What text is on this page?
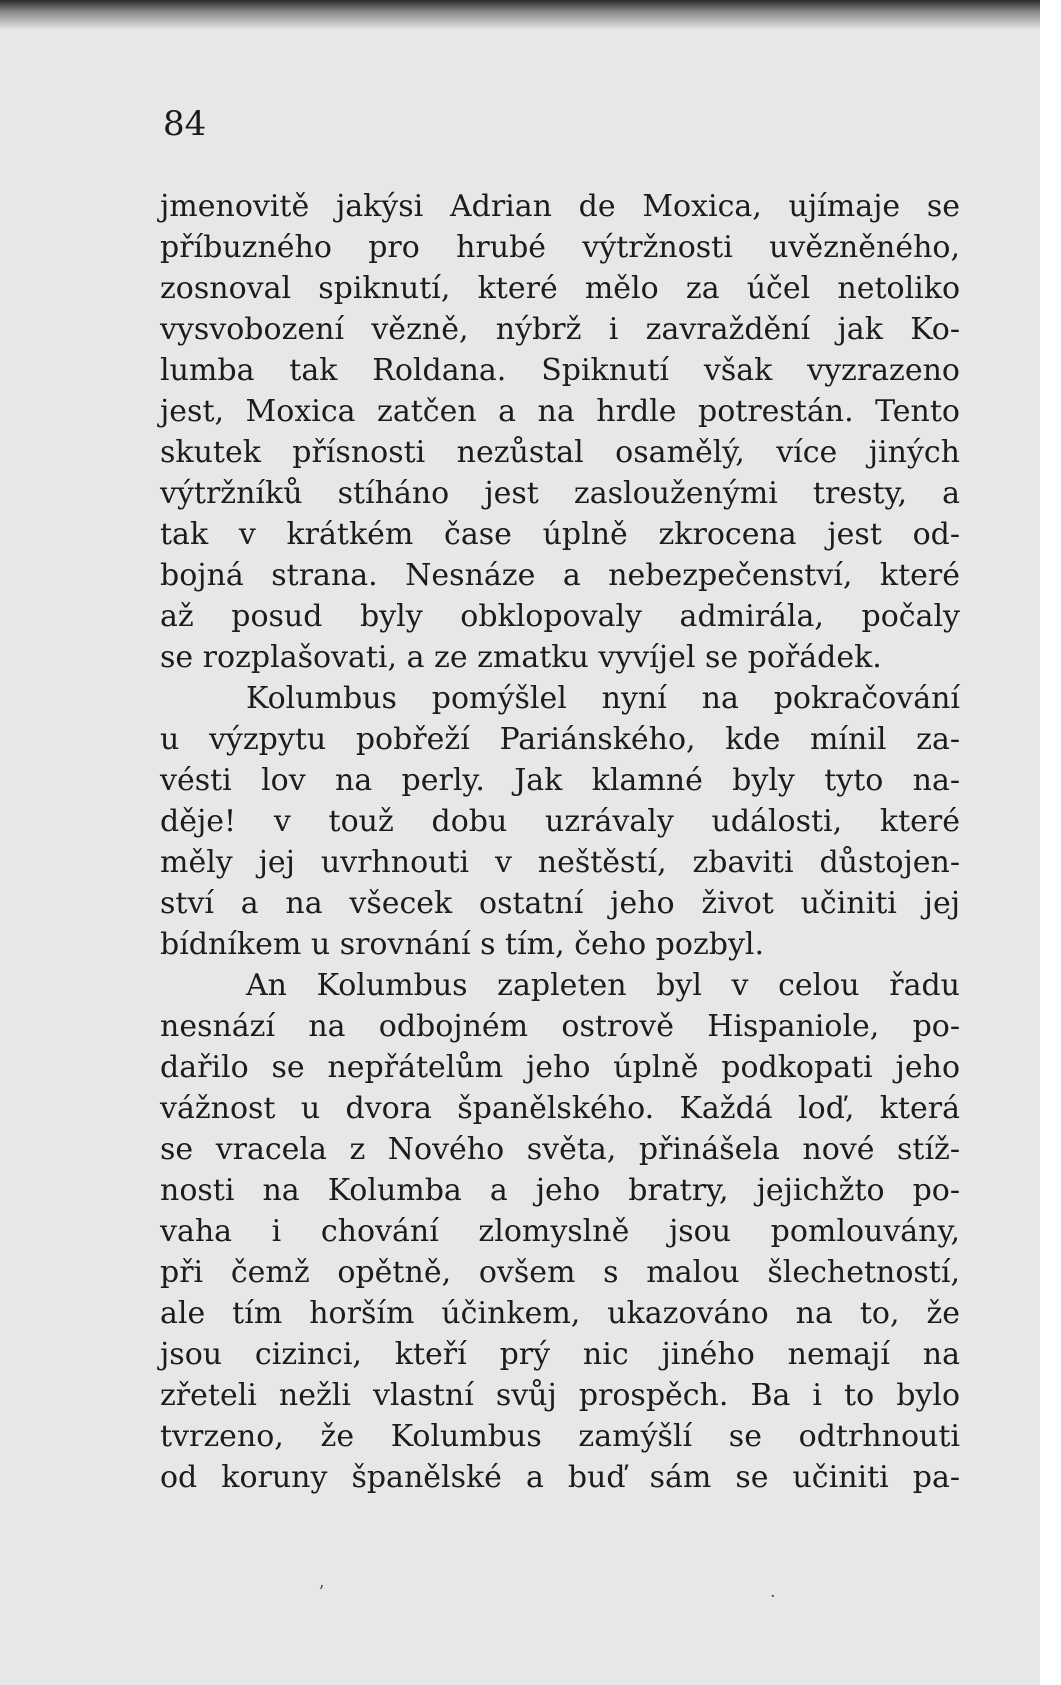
84
jmenovitě jakýsi Adrian de Moxica, ujímaje se
příbuzného pro hrubé výtržnosti uvězněného,
zosnoval spiknutí, které mělo za účel netoliko
vysvobození vězně, nýbrž i zavraždění jak Ko-
lumba tak Roldana. Spiknutí však vyzrazeno
jest, Moxica zatčen a na hrdle potrestán. Tento
skutek přísnosti nezůstal osamělý, více jiných
výtržníků stíháno jest zaslouženými tresty, a
tak v krátkém čase úplně zkrocena jest od-
bojná strana. Nesnáze a nebezpečenství, které
až posud byly obklopovaly admirála, počaly
se rozplašovati, a ze zmatku vyvíjel se pořádek.
Kolumbus pomýšlel nyní na pokračování
u výzpytu pobřeží Pariánského, kde mínil za-
vésti lov na perly. Jak klamné byly tyto na-
děje! v touž dobu uzrávaly události, které
měly jej uvrhnouti v neštěstí, zbaviti důstojen-
ství a na všecek ostatní jeho život učiniti jej
bídníkem u srovnání s tím, čeho pozbyl.
An Kolumbus zapleten byl v celou řadu
nesnází na odbojném ostrově Hispaniole, po-
dařilo se nepřátelům jeho úplně podkopati jeho
vážnost u dvora španělského. Každá loď, která
se vracela z Nového světa, přinášela nové stíž-
nosti na Kolumba a jeho bratry, jejichžto po-
vaha i chování zlomyslně jsou pomlouvány,
při čemž opětně, ovšem s malou šlechetností,
ale tím horším účinkem, ukazováno na to, že
jsou cizinci, kteří prý nic jiného nemají na
zřeteli nežli vlastní svůj prospěch. Ba i to bylo
tvrzeno, že Kolumbus zamýšlí se odtrhnouti
od koruny španělské a buď sám se učiniti pa-
ʼ	·
